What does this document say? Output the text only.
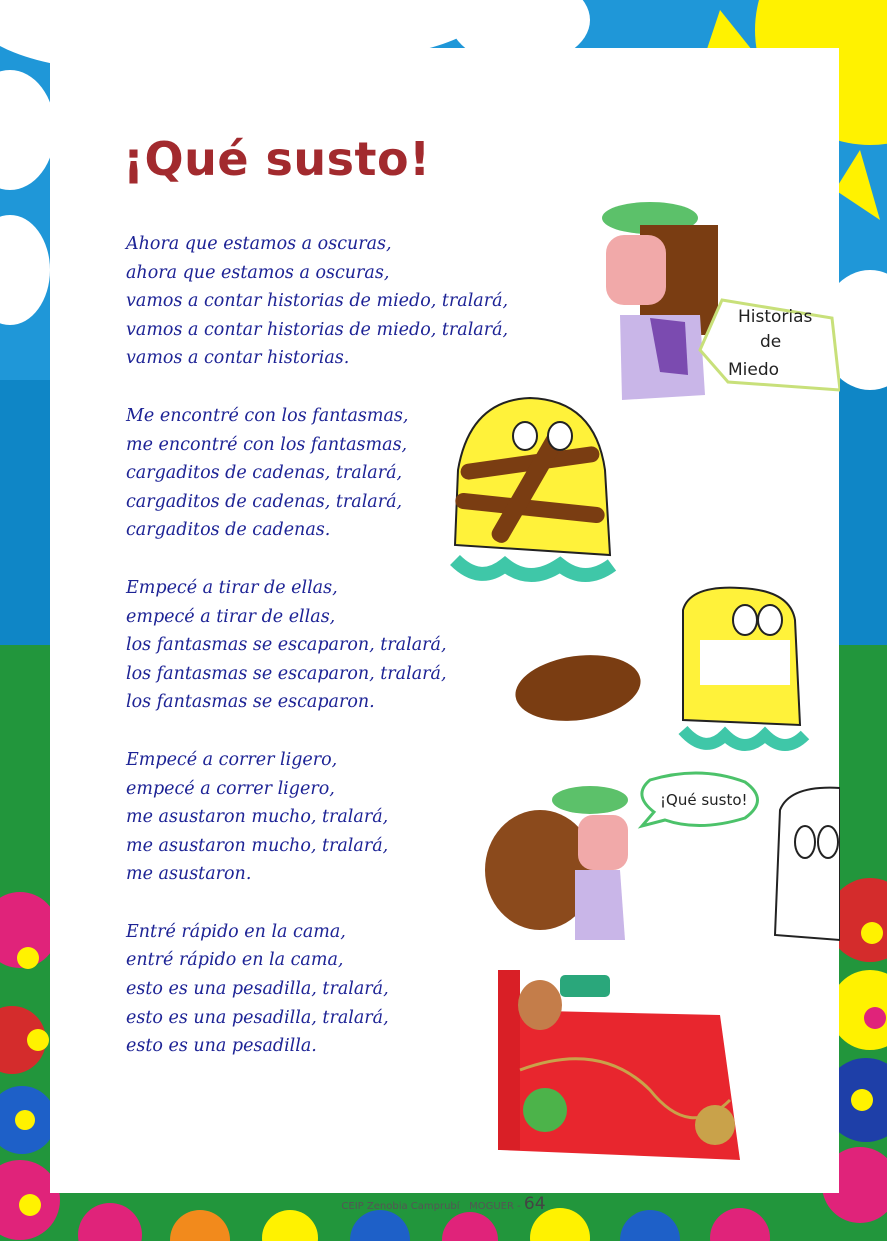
¡Qué susto!
Ahora que estamos a oscuras,
ahora que estamos a oscuras,
vamos a contar historias de miedo, tralará,
vamos a contar historias de miedo, tralará,
vamos a contar historias.
Me encontré con los fantasmas,
me encontré con los fantasmas,
cargaditos de cadenas, tralará,
cargaditos de cadenas, tralará,
cargaditos de cadenas.
Empecé a tirar de ellas,
empecé a tirar de ellas,
los fantasmas se escaparon, tralará,
los fantasmas se escaparon, tralará,
los fantasmas se escaparon.
Empecé a correr ligero,
empecé a correr ligero,
me asustaron mucho, tralará,
me asustaron mucho, tralará,
me asustaron.
Entré rápido en la cama,
entré rápido en la cama,
esto es una pesadilla, tralará,
esto es una pesadilla, tralará,
esto es una pesadilla.
Historias
de
Miedo
¡Qué susto!
CEIP Zenobia Camprubí MOGUER - 64
